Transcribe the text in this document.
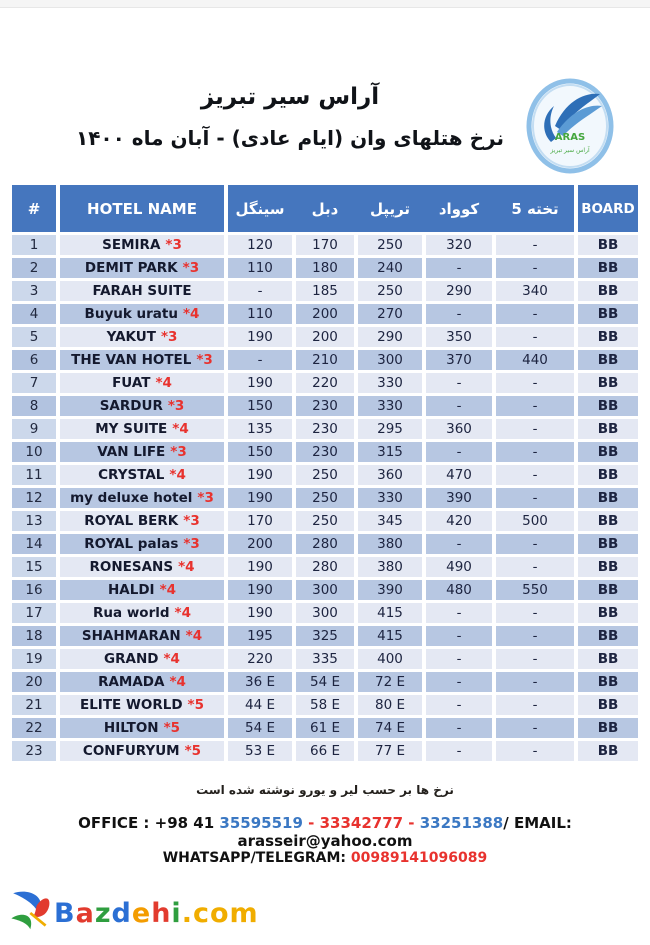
آراس سیر تبریز
نرخ هتلهای وان (ایام عادی) - آبان ماه ۱۴۰۰	ARAS
آراس سیر تبریز
#	HOTEL NAME	سینگل	دبل	تریپل	کوواد	5 تخته	BOARD
1	SEMIRA *3	120	170	250	320	-	BB
2	DEMIT PARK *3	110	180	240	-	-	BB
3	FARAH SUITE	-	185	250	290	340	BB
4	Buyuk uratu *4	110	200	270	-	-	BB
5	YAKUT *3	190	200	290	350	-	BB
6	THE VAN HOTEL *3	-	210	300	370	440	BB
7	FUAT *4	190	220	330	-	-	BB
8	SARDUR *3	150	230	330	-	-	BB
9	MY SUITE *4	135	230	295	360	-	BB
10	VAN LIFE *3	150	230	315	-	-	BB
11	CRYSTAL *4	190	250	360	470	-	BB
12	my deluxe hotel *3	190	250	330	390	-	BB
13	ROYAL BERK *3	170	250	345	420	500	BB
14	ROYAL palas *3	200	280	380	-	-	BB
15	RONESANS *4	190	280	380	490	-	BB
16	HALDI *4	190	300	390	480	550	BB
17	Rua world *4	190	300	415	-	-	BB
18	SHAHMARAN *4	195	325	415	-	-	BB
19	GRAND *4	220	335	400	-	-	BB
20	RAMADA *4	36 E	54 E	72 E	-	-	BB
21	ELITE WORLD *5	44 E	58 E	80 E	-	-	BB
22	HILTON *5	54 E	61 E	74 E	-	-	BB
23	CONFURYUM *5	53 E	66 E	77 E	-	-	BB

نرخ ها بر حسب لیر و یورو نوشته شده است

OFFICE : +98 41 35595519 - 33342777 - 33251388/ EMAIL: arasseir@yahoo.com

WHATSAPP/TELEGRAM: 00989141096089

Bazdehi.com
